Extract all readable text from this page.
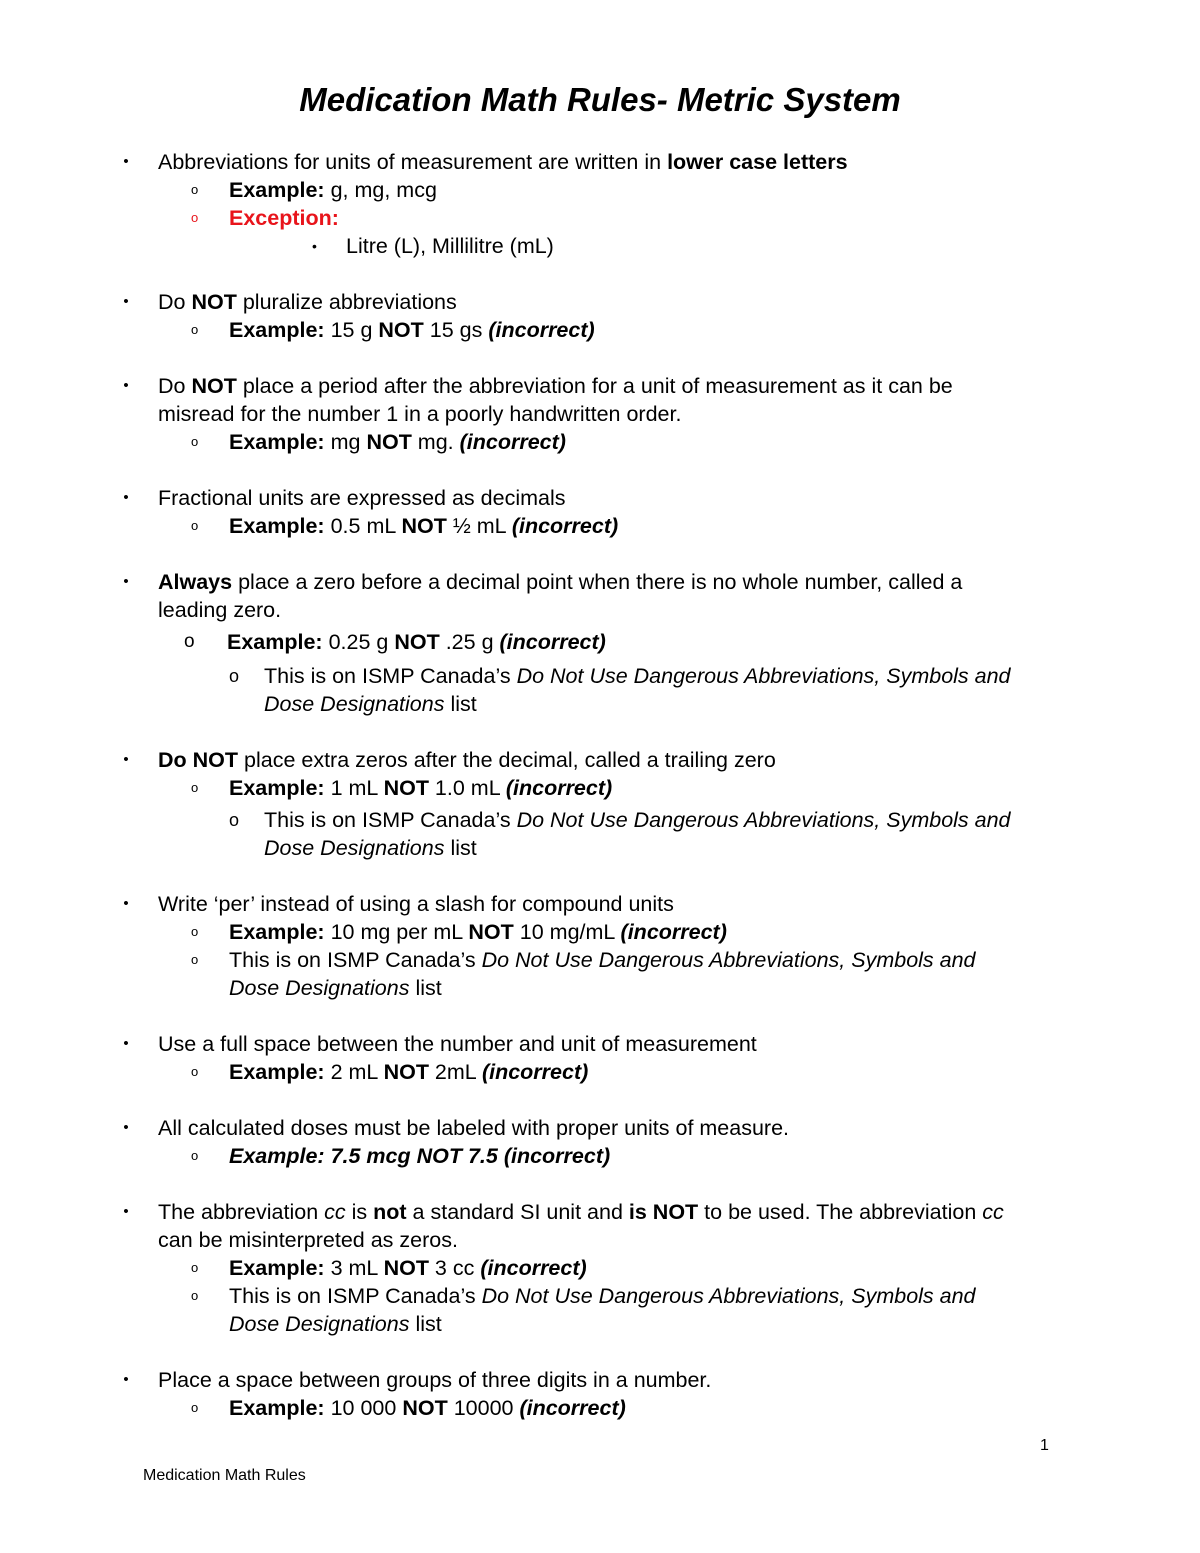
Medication Math Rules- Metric System
• Abbreviations for units of measurement are written in lower case letters
o	Example: g, mg, mcg
o	Exception:
•	Litre (L), Millilitre (mL)
• Do NOT pluralize abbreviations
o	Example: 15 g NOT 15 gs (incorrect)
• Do NOT place a period after the abbreviation for a unit of measurement as it can be
misread for the number 1 in a poorly handwritten order.
o	Example: mg NOT mg. (incorrect)
• Fractional units are expressed as decimals
o	Example: 0.5 mL NOT ½ mL (incorrect)
• Always place a zero before a decimal point when there is no whole number, called a
leading zero.
o Example: 0.25 g NOT .25 g (incorrect)
o This is on ISMP Canada’s Do Not Use Dangerous Abbreviations, Symbols and
Dose Designations list
• Do NOT place extra zeros after the decimal, called a trailing zero
o	Example: 1 mL NOT 1.0 mL (incorrect)
o This is on ISMP Canada’s Do Not Use Dangerous Abbreviations, Symbols and
Dose Designations list
• Write ‘per’ instead of using a slash for compound units
o	Example: 10 mg per mL NOT 10 mg/mL (incorrect)
o	This is on ISMP Canada’s Do Not Use Dangerous Abbreviations, Symbols and
Dose Designations list
• Use a full space between the number and unit of measurement
o	Example: 2 mL NOT 2mL (incorrect)
• All calculated doses must be labeled with proper units of measure.
o	Example: 7.5 mcg NOT 7.5 (incorrect)
• The abbreviation cc is not a standard SI unit and is NOT to be used. The abbreviation cc
can be misinterpreted as zeros.
o	Example: 3 mL NOT 3 cc (incorrect)
o	This is on ISMP Canada’s Do Not Use Dangerous Abbreviations, Symbols and
Dose Designations list
• Place a space between groups of three digits in a number.
o	Example: 10 000 NOT 10000 (incorrect)
1
Medication Math Rules
